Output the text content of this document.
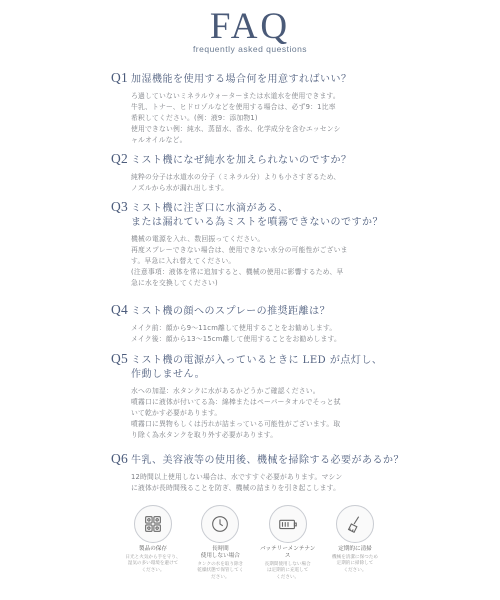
FAQ
frequently asked questions
Q1 加湿機能を使用する場合何を用意すればいい？
ろ過していないミネラルウォーターまたは水道水を使用できます。
牛乳、トナー、ヒドロゾルなどを使用する場合は、必ず9：1比率
希釈してください。(例：液9：添加物1)
使用できない例：純水、蒸留水、香水、化学成分を含むエッセンシ
ャルオイルなど。
Q2 ミスト機になぜ純水を加えられないのですか？
純粋の分子は水道水の分子（ミネラル分）よりも小さすぎるため、
ノズルから水が漏れ出します。
Q3 ミスト機に注ぎ口に水滴がある、
または漏れている為ミストを噴霧できないのですか？
機械の電源を入れ、数回振ってください。
再度スプレーできない場合は、使用できない水分の可能性がございま
す。早急に入れ替えてください。
(注意事項：液体を常に追加すると、機械の使用に影響するため、早
急に水を交換してください)
Q4 ミスト機の顔へのスプレーの推奨距離は？
メイク前：顔から9〜11cm離して使用することをお勧めします。
メイク後：顔から13〜15cm離して使用することをお勧めします。
Q5 ミスト機の電源が入っているときに LED が点灯し、
作動しません。
水への加湿：水タンクに水があるかどうかご確認ください。
噴霧口に液体が付いてる為：綿棒またはペーパータオルでそっと拭
いて乾かす必要があります。
噴霧口に異物もしくは汚れが詰まっている可能性がございます。取
り除く為水タンクを取り外す必要があります。
Q6 牛乳、美容液等の使用後、機械を掃除する必要があるか？
12時間以上使用しない場合は、水ですすぐ必要があります。マシン
に液体が長時間残ることを防ぎ、機械の詰まりを引き起こします。
製品の保存
日光と火気から手を守り、
湿気の多い環境を避けて
ください。
長時間
使用しない場合
タンクの水を取り除き
乾燥状態で保管してく
ださい。
バッテリーメンテナンス
長期間使用しない場合
は定期的に充電して
ください。
定期的に清掃
機械を清潔に保つため
定期的に掃除して
ください。
